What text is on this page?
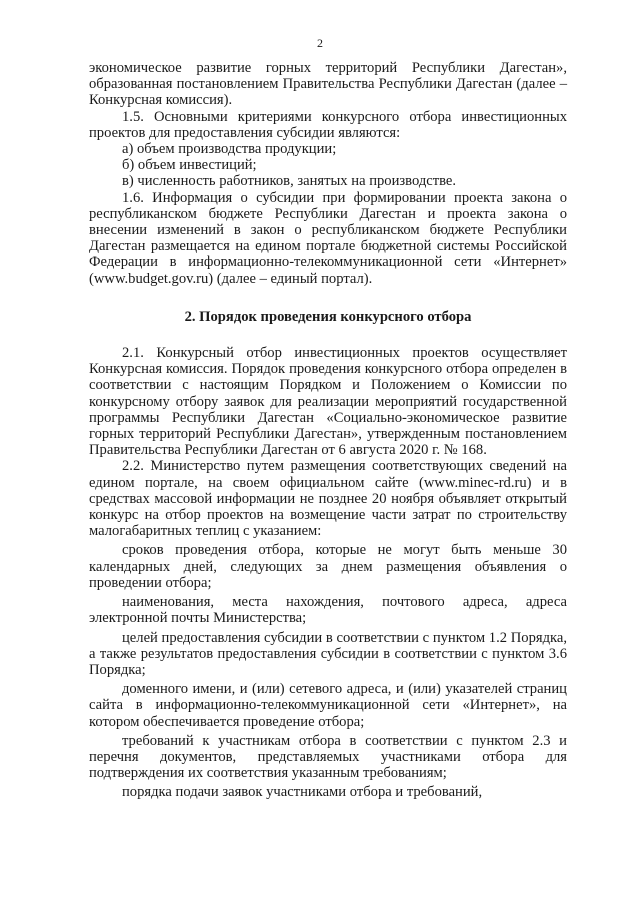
2

экономическое развитие горных территорий Республики Дагестан», образованная постановлением Правительства Республики Дагестан (далее – Конкурсная комиссия).

1.5. Основными критериями конкурсного отбора инвестиционных проектов для предоставления субсидии являются:

а) объем производства продукции;

б) объем инвестиций;

в) численность работников, занятых на производстве.

1.6. Информация о субсидии при формировании проекта закона о республиканском бюджете Республики Дагестан и проекта закона о внесении изменений в закон о республиканском бюджете Республики Дагестан размещается на едином портале бюджетной системы Российской Федерации в информационно-телекоммуникационной сети «Интернет» (www.budget.gov.ru) (далее – единый портал).

2. Порядок проведения конкурсного отбора

2.1. Конкурсный отбор инвестиционных проектов осуществляет Конкурсная комиссия. Порядок проведения конкурсного отбора определен в соответствии с настоящим Порядком и Положением о Комиссии по конкурсному отбору заявок для реализации мероприятий государственной программы Республики Дагестан «Социально-экономическое развитие горных территорий Республики Дагестан», утвержденным постановлением Правительства Республики Дагестан от 6 августа 2020 г. № 168.

2.2. Министерство путем размещения соответствующих сведений на едином портале, на своем официальном сайте (www.minec-rd.ru) и в средствах массовой информации не позднее 20 ноября объявляет открытый конкурс на отбор проектов на возмещение части затрат по строительству малогабаритных теплиц с указанием:

сроков проведения отбора, которые не могут быть меньше 30 календарных дней, следующих за днем размещения объявления о проведении отбора;

наименования, места нахождения, почтового адреса, адреса электронной почты Министерства;

целей предоставления субсидии в соответствии с пунктом 1.2 Порядка, а также результатов предоставления субсидии в соответствии с пунктом 3.6 Порядка;

доменного имени, и (или) сетевого адреса, и (или) указателей страниц сайта в информационно-телекоммуникационной сети «Интернет», на котором обеспечивается проведение отбора;

требований к участникам отбора в соответствии с пунктом 2.3 и перечня документов, представляемых участниками отбора для подтверждения их соответствия указанным требованиям;

порядка подачи заявок участниками отбора и требований,
